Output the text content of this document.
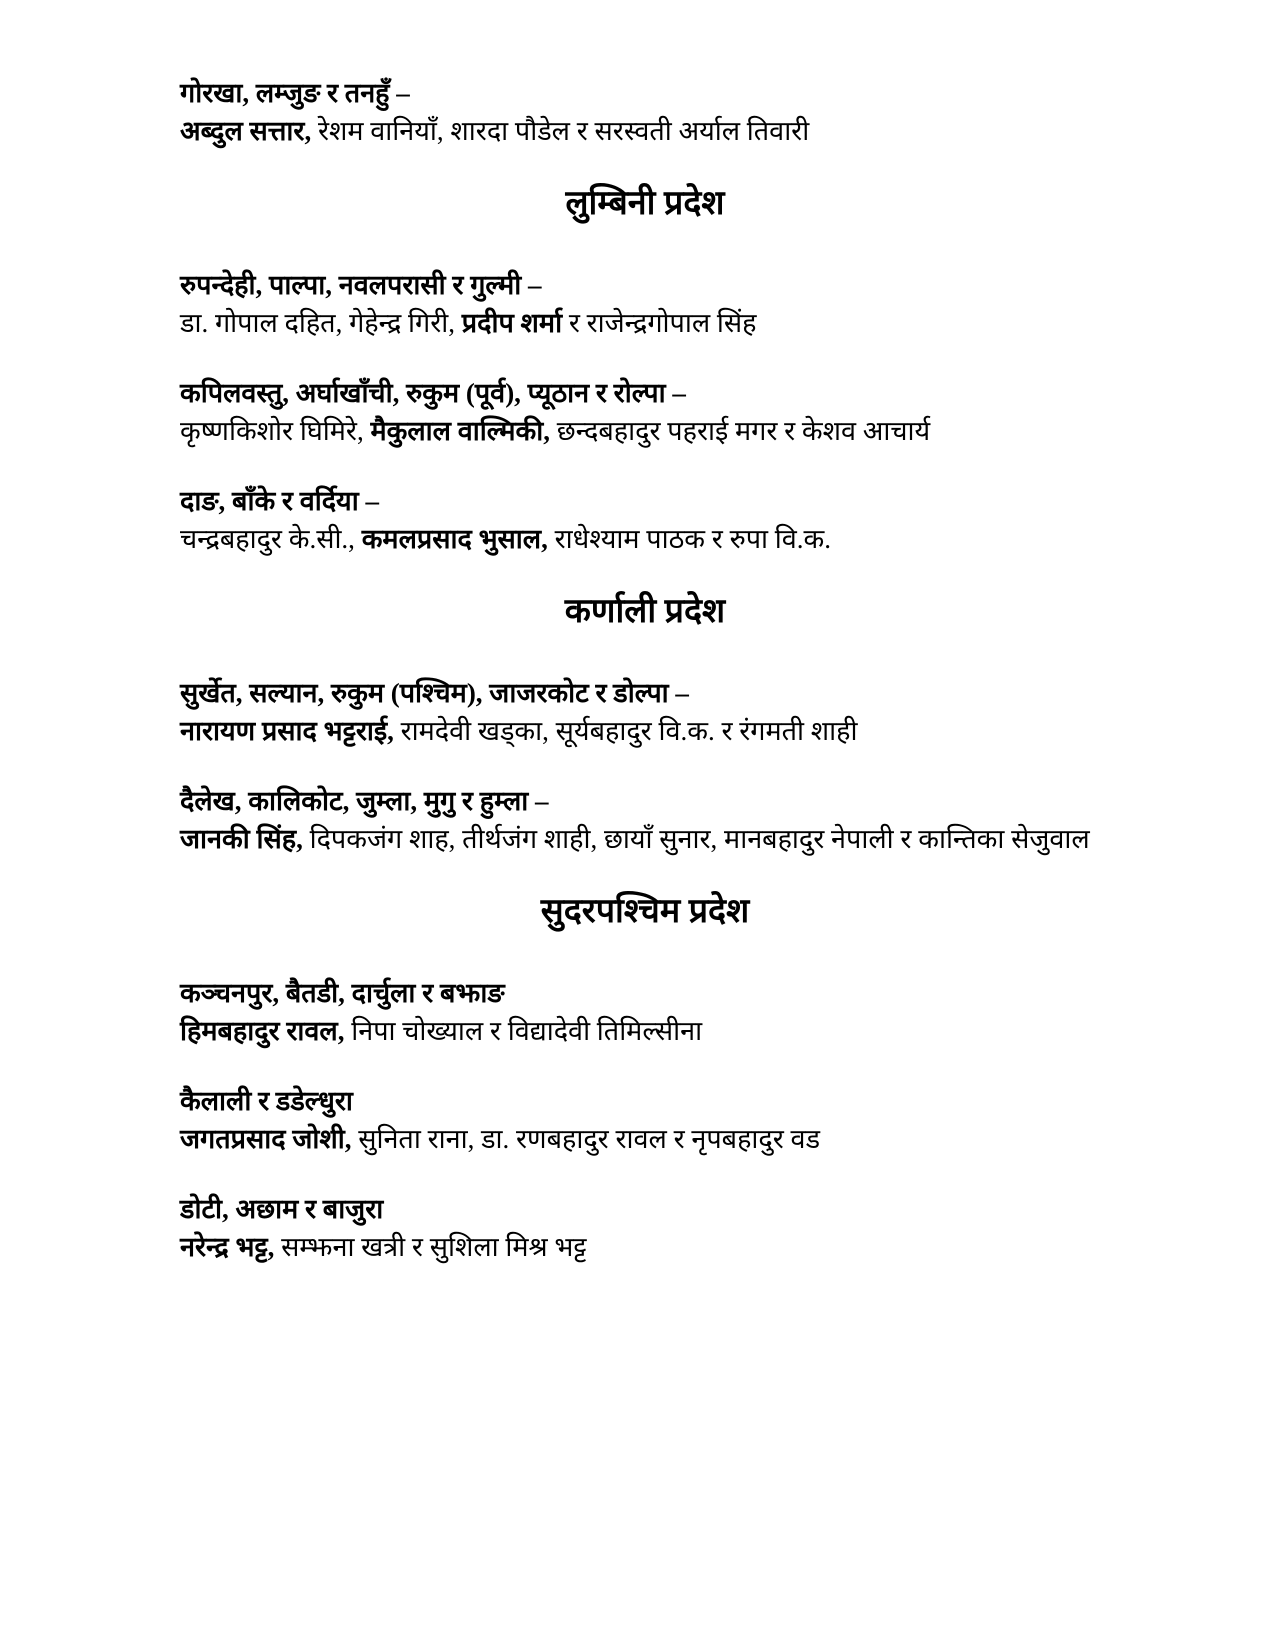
गोरखा, लम्जुङ र तनहुँ –

अब्दुल सत्तार, रेशम वानियाँ, शारदा पौडेल र सरस्वती अर्याल तिवारी

लुम्बिनी प्रदेश

रुपन्देही, पाल्पा, नवलपरासी र गुल्मी –

डा. गोपाल दहित, गेहेन्द्र गिरी, प्रदीप शर्मा र राजेन्द्रगोपाल सिंह

कपिलवस्तु, अर्घाखाँची, रुकुम (पूर्व), प्यूठान र रोल्पा –

कृष्णकिशोर घिमिरे, मैकुलाल वाल्मिकी, छन्दबहादुर पहराई मगर र केशव आचार्य

दाङ, बाँके र वर्दिया –

चन्द्रबहादुर के.सी., कमलप्रसाद भुसाल, राधेश्याम पाठक र रुपा वि.क.

कर्णाली प्रदेश

सुर्खेत, सल्यान, रुकुम (पश्चिम), जाजरकोट र डोल्पा –

नारायण प्रसाद भट्टराई, रामदेवी खड्का, सूर्यबहादुर वि.क. र रंगमती शाही

दैलेख, कालिकोट, जुम्ला, मुगु र हुम्ला –

जानकी सिंह, दिपकजंग शाह, तीर्थजंग शाही, छायाँ सुनार, मानबहादुर नेपाली र कान्तिका सेजुवाल

सुदरपश्चिम प्रदेश

कञ्चनपुर, बैतडी, दार्चुला र बझाङ

हिमबहादुर रावल, निपा चोख्याल र विद्यादेवी तिमिल्सीना

कैलाली र डडेल्धुरा

जगतप्रसाद जोशी, सुनिता राना, डा. रणबहादुर रावल र नृपबहादुर वड

डोटी, अछाम र बाजुरा

नरेन्द्र भट्ट, सम्झना खत्री र सुशिला मिश्र भट्ट
